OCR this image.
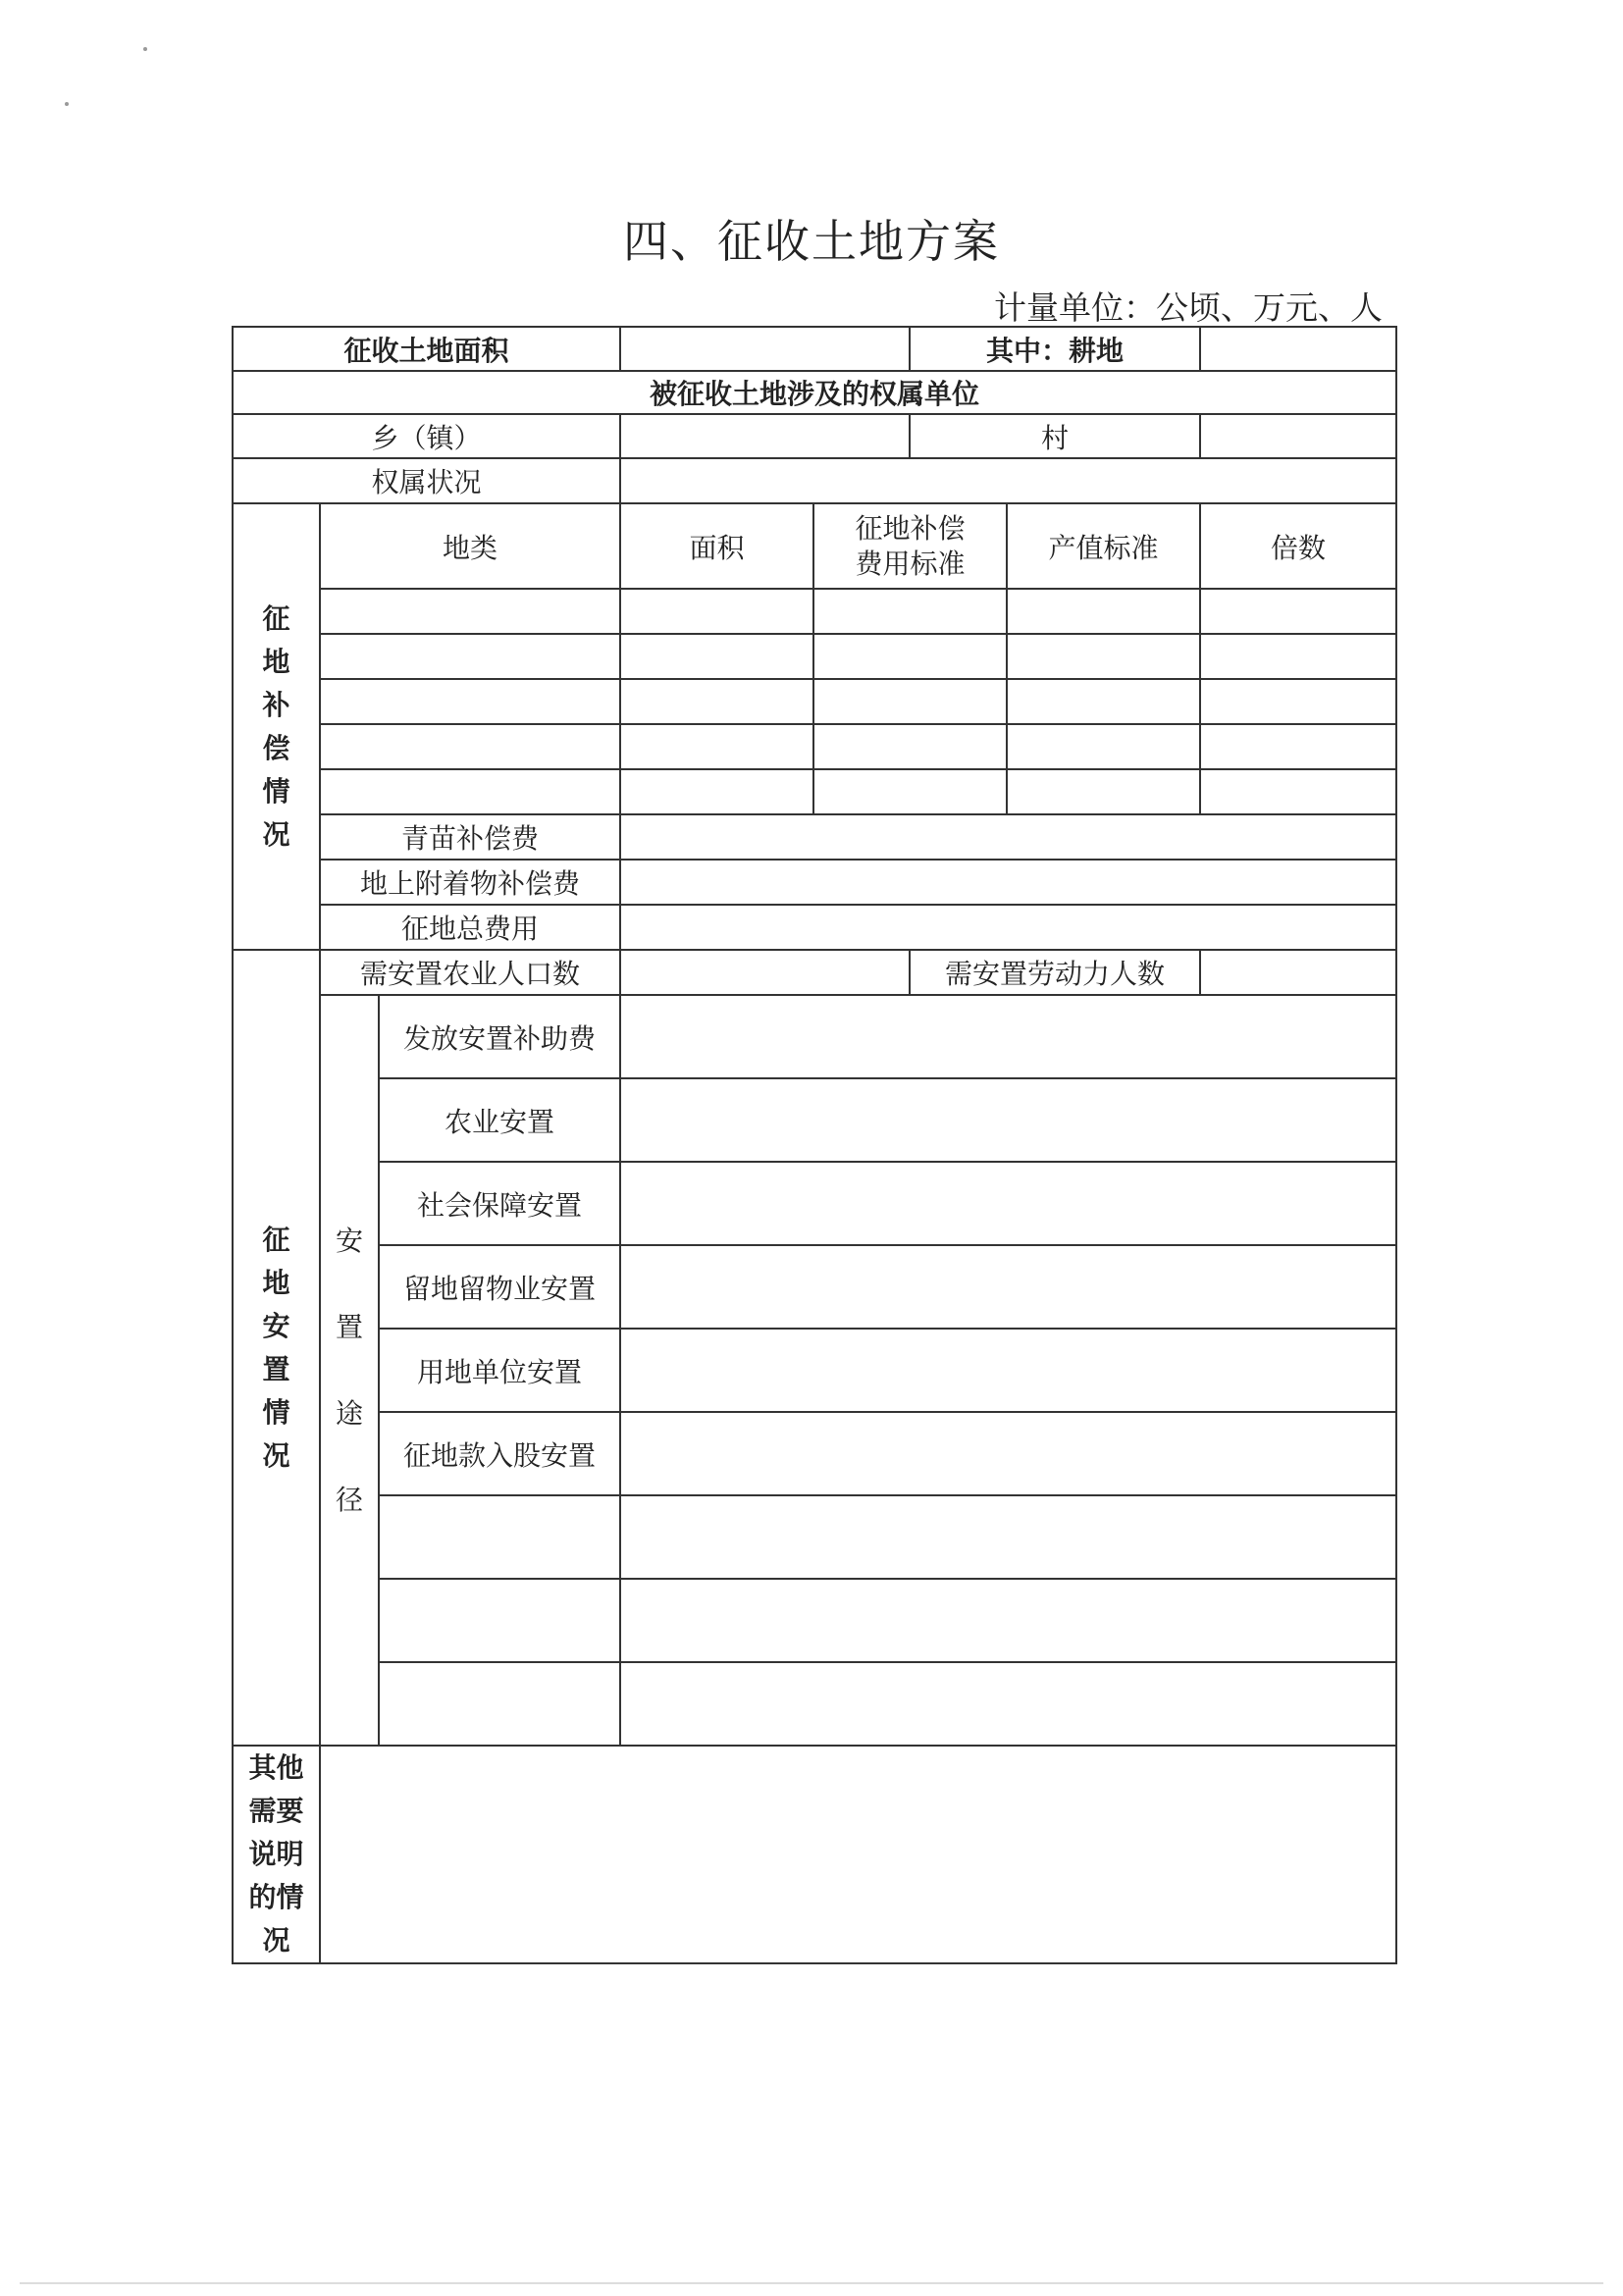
四、征收土地方案
计量单位：公顷、万元、人
征收土地面积					其中：耕地		
被征收土地涉及的权属单位							
乡（镇）					村		
权属状况							
征地补偿情况	地类		面积	征地补偿费用标准		产值标准	倍数

	青苗补偿费						
	地上附着物补偿费						
	征地总费用						
征地安置情况	需安置农业人口数				需安置劳动力人数		
	安置途径	发放安置补助费					
		农业安置					
		社会保障安置					
		留地留物业安置					
		用地单位安置					
		征地款入股安置					

其他需要说明的情况							
